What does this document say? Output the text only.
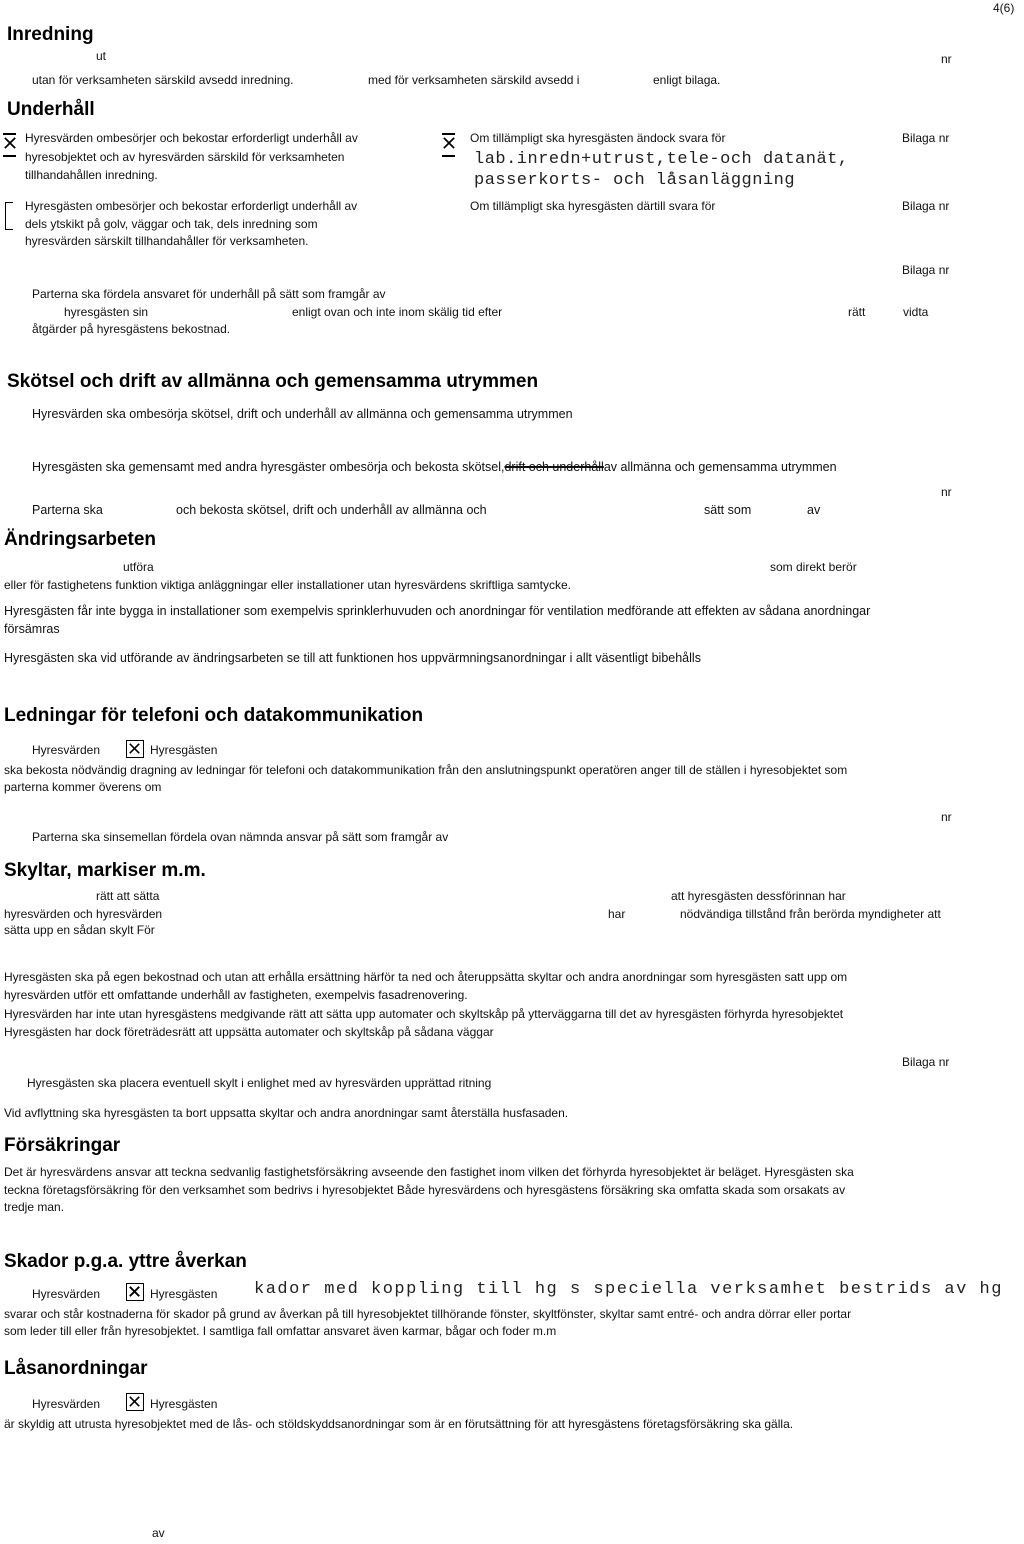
4(6)
Inredning
ut	nr
utan för verksamheten särskild avsedd inredning.	med för verksamheten särskild avsedd i	enligt bilaga.
Underhåll
Hyresvärden ombesörjer och bekostar erforderligt underhåll av
hyresobjektet och av hyresvärden särskild för verksamheten
tillhandahållen inredning.
Hyresgästen ombesörjer och bekostar erforderligt underhåll av
dels ytskikt på golv, väggar och tak, dels inredning som
hyresvärden särskilt tillhandahåller för verksamheten.
Om tillämpligt ska hyresgästen ändock svara för	Bilaga nr
lab.inredn+utrust,tele-och datanät,
passerkorts- och låsanläggning
Om tillämpligt ska hyresgästen därtill svara för	Bilaga nr
Bilaga nr
Parterna ska fördela ansvaret för underhåll på sätt som framgår av
hyresgästen sin	enligt ovan och inte inom skälig tid efter	rätt	vidta
åtgärder på hyresgästens bekostnad.
Skötsel och drift av allmänna och gemensamma utrymmen
Hyresvärden ska ombesörja skötsel, drift och underhåll av allmänna och gemensamma utrymmen
Hyresgästen ska gemensamt med andra hyresgäster ombesörja och bekosta skötsel,drift och underhållav allmänna och gemensamma utrymmen
nr
Parterna ska	och bekosta skötsel, drift och underhåll av allmänna och	sätt som	av
Ändringsarbeten
utföra	som direkt berör
eller för fastighetens funktion viktiga anläggningar eller installationer utan hyresvärdens skriftliga samtycke.
Hyresgästen får inte bygga in installationer som exempelvis sprinklerhuvuden och anordningar för ventilation medförande att effekten av sådana anordningar
försämras
Hyresgästen ska vid utförande av ändringsarbeten se till att funktionen hos uppvärmningsanordningar i allt väsentligt bibehålls
Ledningar för telefoni och datakommunikation
Hyresvärden	Hyresgästen
ska bekosta nödvändig dragning av ledningar för telefoni och datakommunikation från den anslutningspunkt operatören anger till de ställen i hyresobjektet som
parterna kommer överens om
nr
Parterna ska sinsemellan fördela ovan nämnda ansvar på sätt som framgår av
Skyltar, markiser m.m.
rätt att sätta	att hyresgästen dessförinnan har
hyresvärden och hyresvärden	har	nödvändiga tillstånd från berörda myndigheter att
sätta upp en sådan skylt För
Hyresgästen ska på egen bekostnad och utan att erhålla ersättning härför ta ned och återuppsätta skyltar och andra anordningar som hyresgästen satt upp om
hyresvärden utför ett omfattande underhåll av fastigheten, exempelvis fasadrenovering.
Hyresvärden har inte utan hyresgästens medgivande rätt att sätta upp automater och skyltskåp på ytterväggarna till det av hyresgästen förhyrda hyresobjektet
Hyresgästen har dock företrädesrätt att uppsätta automater och skyltskåp på sådana väggar
Bilaga nr
Hyresgästen ska placera eventuell skylt i enlighet med av hyresvärden upprättad ritning
Vid avflyttning ska hyresgästen ta bort uppsatta skyltar och andra anordningar samt återställa husfasaden.
Försäkringar
Det är hyresvärdens ansvar att teckna sedvanlig fastighetsförsäkring avseende den fastighet inom vilken det förhyrda hyresobjektet är beläget. Hyresgästen ska
teckna företagsförsäkring för den verksamhet som bedrivs i hyresobjektet Både hyresvärdens och hyresgästens försäkring ska omfatta skada som orsakats av
tredje man.
Skador p.g.a. yttre åverkan
Hyresvärden	Hyresgästen kador med koppling till hg s speciella verksamhet bestrids av hg
svarar och står kostnaderna för skador på grund av åverkan på till hyresobjektet tillhörande fönster, skyltfönster, skyltar samt entré- och andra dörrar eller portar
som leder till eller från hyresobjektet. I samtliga fall omfattar ansvaret även karmar, bågar och foder m.m
Låsanordningar
Hyresvärden	Hyresgästen
är skyldig att utrusta hyresobjektet med de lås- och stöldskyddsanordningar som är en förutsättning för att hyresgästens företagsförsäkring ska gälla.
av
